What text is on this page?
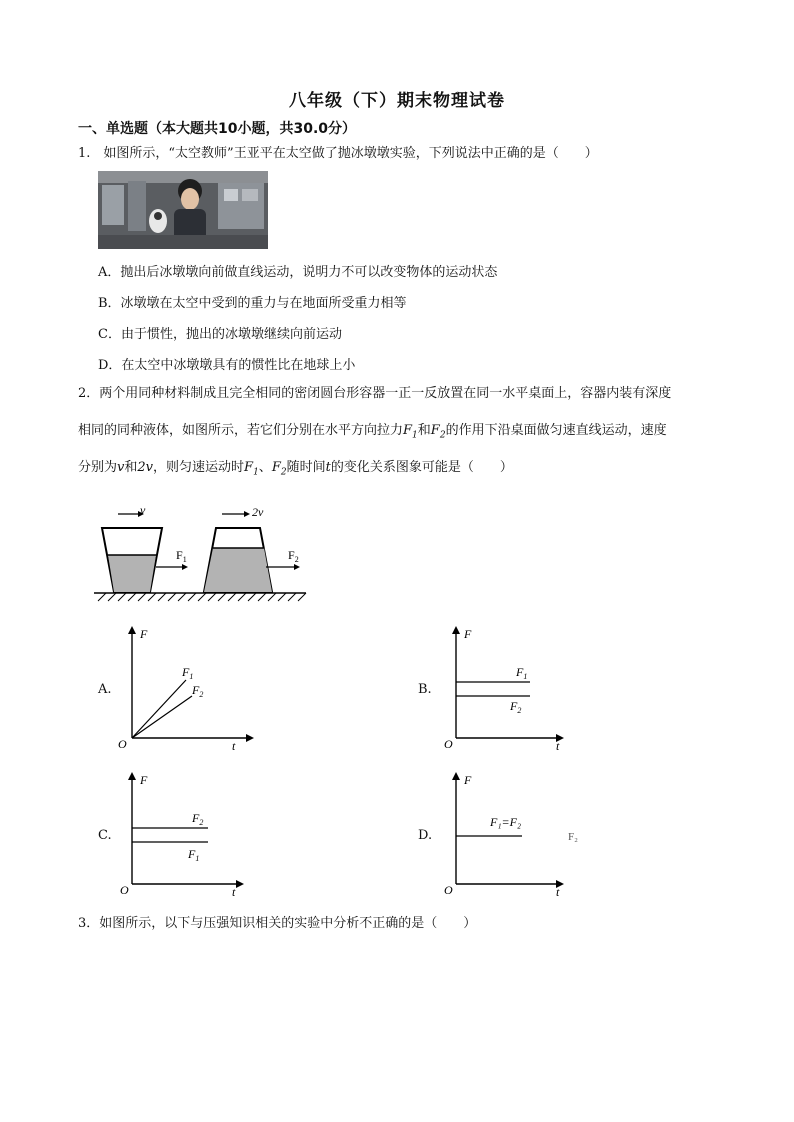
八年级（下）期末物理试卷
一、单选题（本大题共10小题，共30.0分）
1.　如图所示，“太空教师”王亚平在太空做了抛冰墩墩实验，下列说法中正确的是（　　）
A．抛出后冰墩墩向前做直线运动，说明力不可以改变物体的运动状态
B．冰墩墩在太空中受到的重力与在地面所受重力相等
C．由于惯性，抛出的冰墩墩继续向前运动
D．在太空中冰墩墩具有的惯性比在地球上小
2．两个用同种材料制成且完全相同的密闭圆台形容器一正一反放置在同一水平桌面上，容器内装有深度
相同的同种液体，如图所示，若它们分别在水平方向拉力$F_1$和$F_2$的作用下沿桌面做匀速直线运动，速度
分别为v和2v，则匀速运动时$F_1$、$F_2$随时间t的变化关系图象可能是（　　）
v
$F_1$
2v
$F_2$
A.
F
O	t
$F_1$
$F_2$	B.
F
O	t
$F_1$
$F_2$
C.
F
O	t
$F_2$
$F_1$
D.
F
O	t
F₁=F₂
F₂
3．如图所示，以下与压强知识相关的实验中分析不正确的是（　　）
